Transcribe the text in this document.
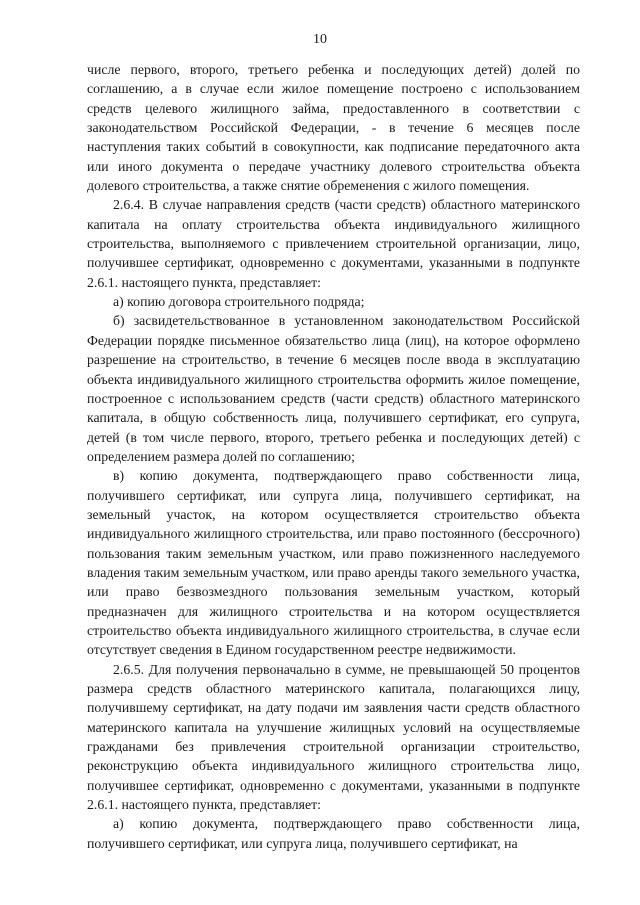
10

числе первого, второго, третьего ребенка и последующих детей) долей по соглашению, а в случае если жилое помещение построено с использованием средств целевого жилищного займа, предоставленного в соответствии с законодательством Российской Федерации, - в течение 6 месяцев после наступления таких событий в совокупности, как подписание передаточного акта или иного документа о передаче участнику долевого строительства объекта долевого строительства, а также снятие обременения с жилого помещения.

2.6.4. В случае направления средств (части средств) областного материнского капитала на оплату строительства объекта индивидуального жилищного строительства, выполняемого с привлечением строительной организации, лицо, получившее сертификат, одновременно с документами, указанными в подпункте 2.6.1. настоящего пункта, представляет:

а) копию договора строительного подряда;

б) засвидетельствованное в установленном законодательством Российской Федерации порядке письменное обязательство лица (лиц), на которое оформлено разрешение на строительство, в течение 6 месяцев после ввода в эксплуатацию объекта индивидуального жилищного строительства оформить жилое помещение, построенное с использованием средств (части средств) областного материнского капитала, в общую собственность лица, получившего сертификат, его супруга, детей (в том числе первого, второго, третьего ребенка и последующих детей) с определением размера долей по соглашению;

в) копию документа, подтверждающего право собственности лица, получившего сертификат, или супруга лица, получившего сертификат, на земельный участок, на котором осуществляется строительство объекта индивидуального жилищного строительства, или право постоянного (бессрочного) пользования таким земельным участком, или право пожизненного наследуемого владения таким земельным участком, или право аренды такого земельного участка, или право безвозмездного пользования земельным участком, который предназначен для жилищного строительства и на котором осуществляется строительство объекта индивидуального жилищного строительства, в случае если отсутствует сведения в Едином государственном реестре недвижимости.

2.6.5. Для получения первоначально в сумме, не превышающей 50 процентов размера средств областного материнского капитала, полагающихся лицу, получившему сертификат, на дату подачи им заявления части средств областного материнского капитала на улучшение жилищных условий на осуществляемые гражданами без привлечения строительной организации строительство, реконструкцию объекта индивидуального жилищного строительства лицо, получившее сертификат, одновременно с документами, указанными в подпункте 2.6.1. настоящего пункта, представляет:

а) копию документа, подтверждающего право собственности лица, получившего сертификат, или супруга лица, получившего сертификат, на
